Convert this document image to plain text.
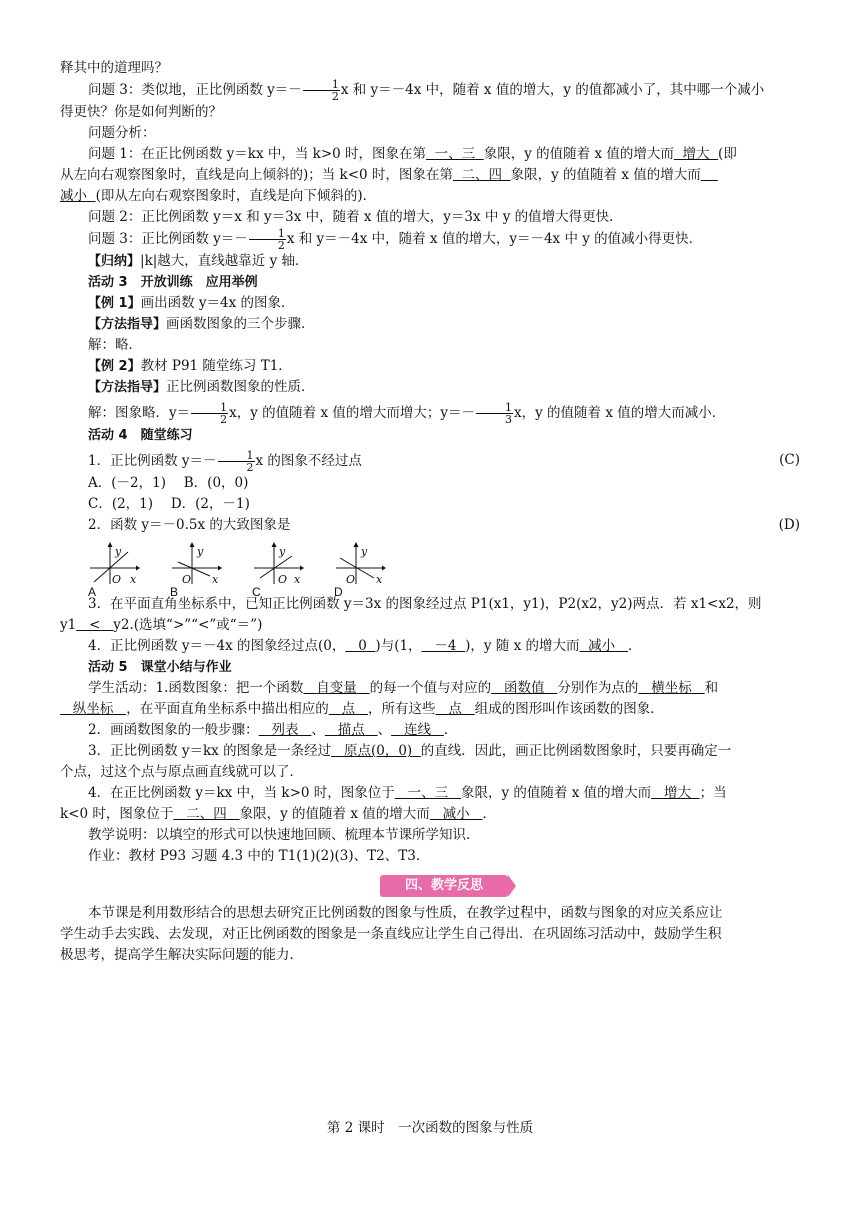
释其中的道理吗？

问题 3：类似地，正比例函数 $y=- \frac{1}{2}$ x 和 y＝－4x 中，随着 x 值的增大，y 的值都减小了，其中哪一个减小

得更快？你是如何判断的？

问题分析：

问题 1：在正比例函数 y＝kx 中，当 k>0 时，图象在第 一、三 象限，y 的值随着 x 值的增大而 增大 (即

从左向右观察图象时，直线是向上倾斜的)；当 k<0 时，图象在第 二、四 象限，y 的值随着 x 值的增大而

减小 (即从左向右观察图象时，直线是向下倾斜的)．

问题 2：正比例函数 y＝x 和 y＝3x 中，随着 x 值的增大，y＝3x 中 y 的值增大得更快．

问题 3：正比例函数 $y=- \frac{1}{2}$ x 和 y＝－4x 中，随着 x 值的增大，y＝－4x 中 y 的值减小得更快．

【归纳】|k|越大，直线越靠近 y 轴．

活动 3　开放训练　应用举例

【例 1】画出函数 y＝4x 的图象．

【方法指导】画函数图象的三个步骤．

解：略．

【例 2】教材 P91 随堂练习 T1．

【方法指导】正比例函数图象的性质．

解：图象略．$y= \frac{1}{2}$ x，y 的值随着 x 值的增大而增大；$y=- \frac{1}{3}$ x，y 的值随着 x 值的增大而减小．

活动 4　随堂练习

1．正比例函数 $y=- \frac{1}{2}$ x 的图象不经过点	(C)

A．(－2，1)　 B．(0，0)

C．(2，1)　 D．(2，－1)

2．函数 y＝－0.5x 的大致图象是	(D)

y
O x
A
y
O x
B
y
O x
C
y
O x
D

3．在平面直角坐标系中，已知正比例函数 y＝3x 的图象经过点 P1(x1，y1)，P2(x2，y2)两点．若 x1<x2，则

y1 < y2.(选填“>”“<”或“＝”)

4．正比例函数 y＝－4x 的图象经过点(0， 0 )与(1， －4 )，y 随 x 的增大而 减小 ．

活动 5　课堂小结与作业

学生活动：1.函数图象：把一个函数 自变量 的每一个值与对应的 函数值 分别作为点的 横坐标 和

纵坐标 ，在平面直角坐标系中描出相应的 点 ，所有这些 点 组成的图形叫作该函数的图象．

2．画函数图象的一般步骤： 列表 、 描点 、 连线 ．

3．正比例函数 y＝kx 的图象是一条经过 原点(0，0) 的直线．因此，画正比例函数图象时，只要再确定一

个点，过这个点与原点画直线就可以了．

4．在正比例函数 y＝kx 中，当 k>0 时，图象位于 一、三 象限，y 的值随着 x 值的增大而 增大 ；当

k<0 时，图象位于 二、四 象限，y 的值随着 x 值的增大而 减小 ．

教学说明：以填空的形式可以快速地回顾、梳理本节课所学知识．

作业：教材 P93 习题 4.3 中的 T1(1)(2)(3)、T2、T3．

四、教学反思

本节课是利用数形结合的思想去研究正比例函数的图象与性质，在教学过程中，函数与图象的对应关系应让

学生动手去实践、去发现，对正比例函数的图象是一条直线应让学生自己得出．在巩固练习活动中，鼓励学生积

极思考，提高学生解决实际问题的能力．

第 2 课时　一次函数的图象与性质
